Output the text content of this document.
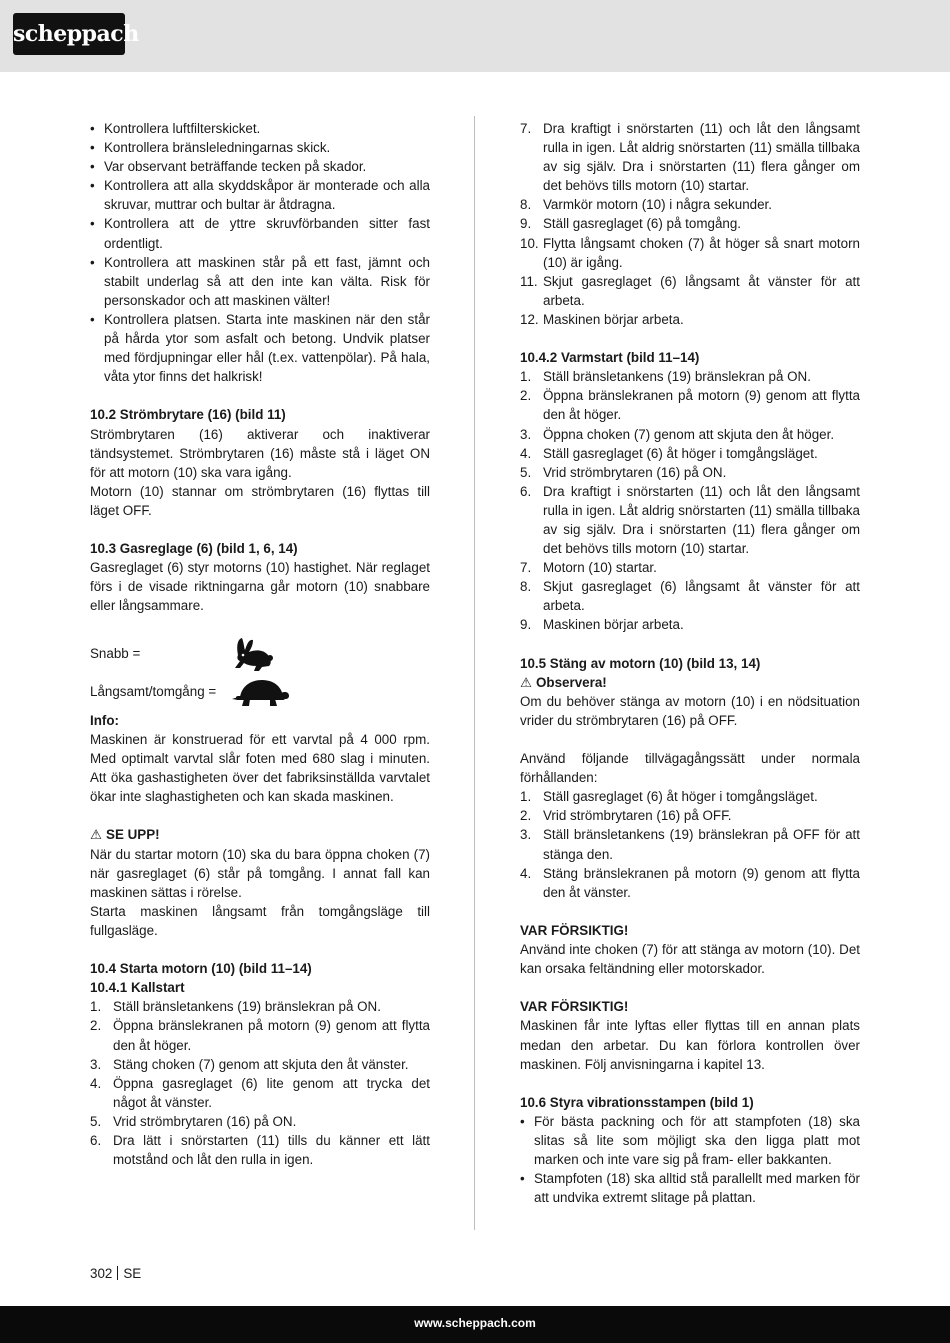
scheppach
• Kontrollera luftfilterskicket.
• Kontrollera bränsleledningarnas skick.
• Var observant beträffande tecken på skador.
• Kontrollera att alla skyddskåpor är monterade och alla skruvar, muttrar och bultar är åtdragna.
• Kontrollera att de yttre skruvförbanden sitter fast ordentligt.
• Kontrollera att maskinen står på ett fast, jämnt och stabilt underlag så att den inte kan välta. Risk för personskador och att maskinen välter!
• Kontrollera platsen. Starta inte maskinen när den står på hårda ytor som asfalt och betong. Undvik platser med fördjupningar eller hål (t.ex. vattenpölar). På hala, våta ytor finns det halkrisk!

10.2 Strömbrytare (16) (bild 11)

Strömbrytaren (16) aktiverar och inaktiverar tändsystemet. Strömbrytaren (16) måste stå i läget ON för att motorn (10) ska vara igång.

Motorn (10) stannar om strömbrytaren (16) flyttas till läget OFF.

10.3 Gasreglage (6) (bild 1, 6, 14)

Gasreglaget (6) styr motorns (10) hastighet. När reglaget förs i de visade riktningarna går motorn (10) snabbare eller långsammare.

Snabb =
Långsamt/tomgång =

Info:

Maskinen är konstruerad för ett varvtal på 4 000 rpm. Med optimalt varvtal slår foten med 680 slag i minuten. Att öka gashastigheten över det fabriksinställda varvtalet ökar inte slaghastigheten och kan skada maskinen.

⚠ SE UPP!

När du startar motorn (10) ska du bara öppna choken (7) när gasreglaget (6) står på tomgång. I annat fall kan maskinen sättas i rörelse.

Starta maskinen långsamt från tomgångsläge till fullgasläge.

10.4 Starta motorn (10) (bild 11–14)

10.4.1 Kallstart

1. Ställ bränsletankens (19) bränslekran på ON.
2. Öppna bränslekranen på motorn (9) genom att flytta den åt höger.
3. Stäng choken (7) genom att skjuta den åt vänster.
4. Öppna gasreglaget (6) lite genom att trycka det något åt vänster.
5. Vrid strömbrytaren (16) på ON.
6. Dra lätt i snörstarten (11) tills du känner ett lätt motstånd och låt den rulla in igen.
7. Dra kraftigt i snörstarten (11) och låt den långsamt rulla in igen. Låt aldrig snörstarten (11) smälla tillbaka av sig själv. Dra i snörstarten (11) flera gånger om det behövs tills motorn (10) startar.
8. Varmkör motorn (10) i några sekunder.
9. Ställ gasreglaget (6) på tomgång.
10. Flytta långsamt choken (7) åt höger så snart motorn (10) är igång.
11. Skjut gasreglaget (6) långsamt åt vänster för att arbeta.
12. Maskinen börjar arbeta.

10.4.2 Varmstart (bild 11–14)

1. Ställ bränsletankens (19) bränslekran på ON.
2. Öppna bränslekranen på motorn (9) genom att flytta den åt höger.
3. Öppna choken (7) genom att skjuta den åt höger.
4. Ställ gasreglaget (6) åt höger i tomgångsläget.
5. Vrid strömbrytaren (16) på ON.
6. Dra kraftigt i snörstarten (11) och låt den långsamt rulla in igen. Låt aldrig snörstarten (11) smälla tillbaka av sig själv. Dra i snörstarten (11) flera gånger om det behövs tills motorn (10) startar.
7. Motorn (10) startar.
8. Skjut gasreglaget (6) långsamt åt vänster för att arbeta.
9. Maskinen börjar arbeta.

10.5 Stäng av motorn (10) (bild 13, 14)

⚠ Observera!

Om du behöver stänga av motorn (10) i en nödsituation vrider du strömbrytaren (16) på OFF.

Använd följande tillvägagångssätt under normala förhållanden:

1. Ställ gasreglaget (6) åt höger i tomgångsläget.
2. Vrid strömbrytaren (16) på OFF.
3. Ställ bränsletankens (19) bränslekran på OFF för att stänga den.
4. Stäng bränslekranen på motorn (9) genom att flytta den åt vänster.

VAR FÖRSIKTIG!

Använd inte choken (7) för att stänga av motorn (10). Det kan orsaka feltändning eller motorskador.

VAR FÖRSIKTIG!

Maskinen får inte lyftas eller flyttas till en annan plats medan den arbetar. Du kan förlora kontrollen över maskinen. Följ anvisningarna i kapitel 13.

10.6 Styra vibrationsstampen (bild 1)

• För bästa packning och för att stampfoten (18) ska slitas så lite som möjligt ska den ligga platt mot marken och inte vare sig på fram- eller bakkanten.
• Stampfoten (18) ska alltid stå parallellt med marken för att undvika extremt slitage på plattan.
302 SE
www.scheppach.com
